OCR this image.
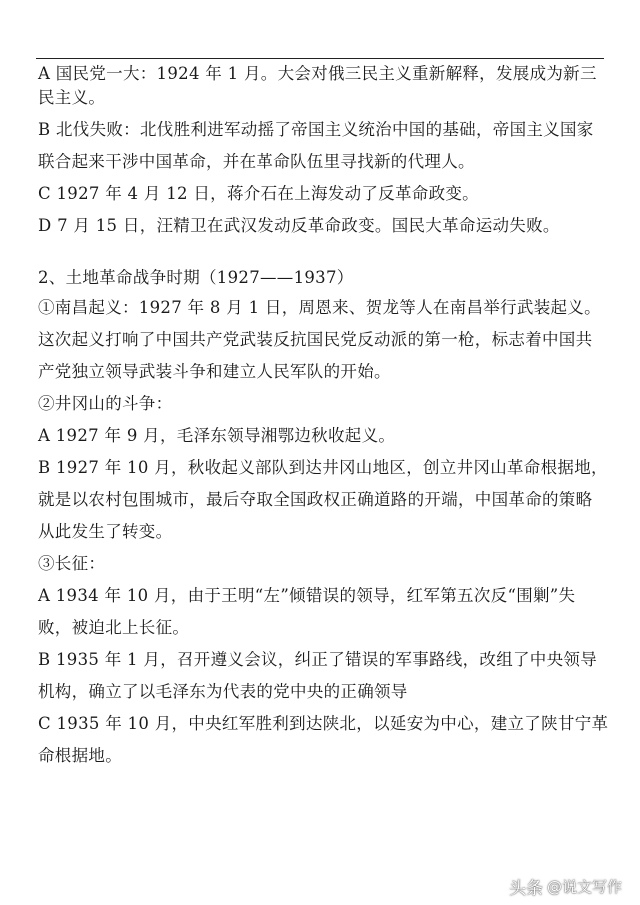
A 国民党一大：1924 年 1 月。大会对俄三民主义重新解释，发展成为新三
民主义。
B 北伐失败：北伐胜利进军动摇了帝国主义统治中国的基础，帝国主义国家
联合起来干涉中国革命，并在革命队伍里寻找新的代理人。
C 1927 年 4 月 12 日，蒋介石在上海发动了反革命政变。
D 7 月 15 日，汪精卫在武汉发动反革命政变。国民大革命运动失败。
2、土地革命战争时期（1927——1937）
①南昌起义：1927 年 8 月 1 日，周恩来、贺龙等人在南昌举行武装起义。
这次起义打响了中国共产党武装反抗国民党反动派的第一枪，标志着中国共
产党独立领导武装斗争和建立人民军队的开始。
②井冈山的斗争：
A 1927 年 9 月，毛泽东领导湘鄂边秋收起义。
B 1927 年 10 月，秋收起义部队到达井冈山地区，创立井冈山革命根据地，
就是以农村包围城市，最后夺取全国政权正确道路的开端，中国革命的策略
从此发生了转变。
③长征：
A 1934 年 10 月，由于王明“左”倾错误的领导，红军第五次反“围剿”失
败，被迫北上长征。
B 1935 年 1 月，召开遵义会议，纠正了错误的军事路线，改组了中央领导
机构，确立了以毛泽东为代表的党中央的正确领导
C 1935 年 10 月，中央红军胜利到达陕北，以延安为中心，建立了陕甘宁革
命根据地。
头条 @说文写作
